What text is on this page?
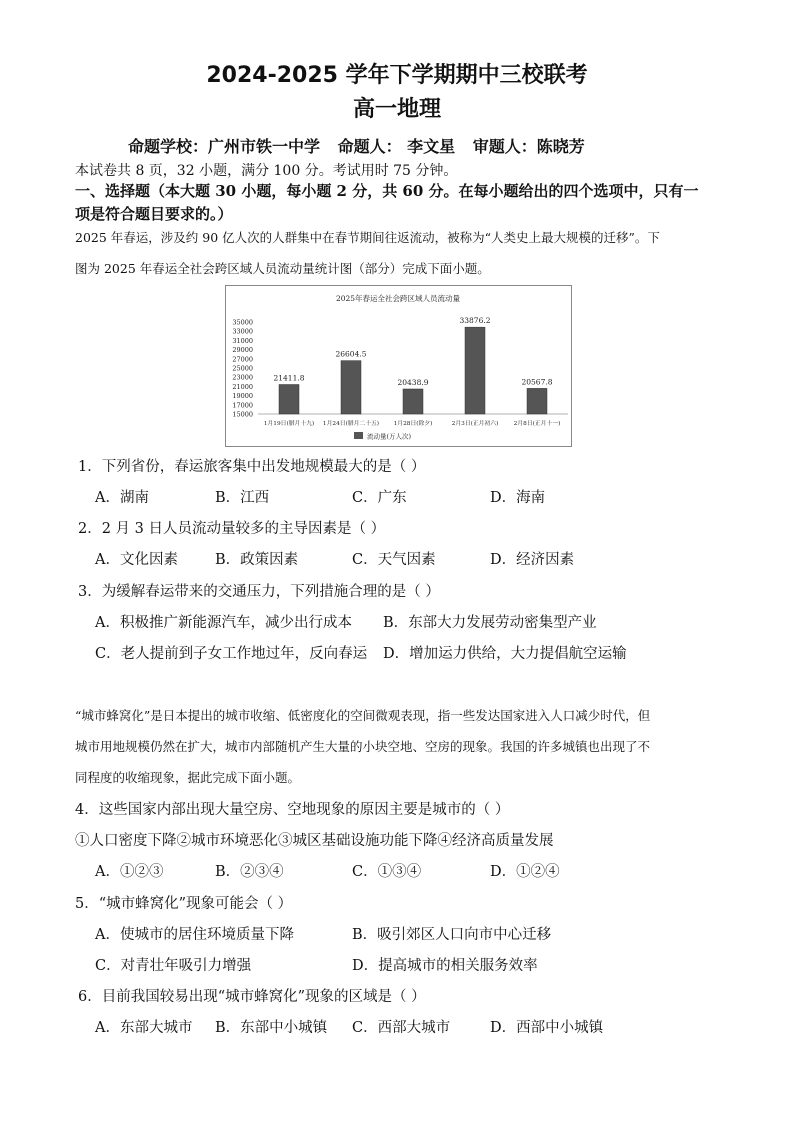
2024-2025 学年下学期期中三校联考
高一地理
命题学校：广州市铁一中学 命题人： 李文星 审题人：陈晓芳
本试卷共 8 页，32 小题，满分 100 分。考试用时 75 分钟。
一、选择题（本大题 30 小题，每小题 2 分，共 60 分。在每小题给出的四个选项中，只有一
项是符合题目要求的。）
2025 年春运，涉及约 90 亿人次的人群集中在春节期间往返流动，被称为“人类史上最大规模的迁移”。下
图为 2025 年春运全社会跨区域人员流动量统计图（部分）完成下面小题。
2025年春运全社会跨区域人员流动量
35000
33000
31000
29000
27000
25000
23000
21000
19000
17000
15000
21411.8
1月19日(腊月十九)
26604.5
1月24日(腊月二十五)
20438.9
1月28日(除夕)
33876.2
2月3日(正月初六)
20567.8
2月8日(正月十一)
流动量(万人次)
1．下列省份，春运旅客集中出发地规模最大的是（ ）
A．湖南	B．江西	C．广东	D．海南
2．2 月 3 日人员流动量较多的主导因素是（ ）
A．文化因素	B．政策因素	C．天气因素	D．经济因素
3．为缓解春运带来的交通压力，下列措施合理的是（ ）
A．积极推广新能源汽车，减少出行成本 B．东部大力发展劳动密集型产业
C．老人提前到子女工作地过年，反向春运 D．增加运力供给，大力提倡航空运输
“城市蜂窝化”是日本提出的城市收缩、低密度化的空间微观表现，指一些发达国家进入人口减少时代，但
城市用地规模仍然在扩大，城市内部随机产生大量的小块空地、空房的现象。我国的许多城镇也出现了不
同程度的收缩现象，据此完成下面小题。
4．这些国家内部出现大量空房、空地现象的原因主要是城市的（ ）
①人口密度下降②城市环境恶化③城区基础设施功能下降④经济高质量发展
A．①②③	B．②③④	C．①③④	D．①②④
5．“城市蜂窝化”现象可能会（ ）
A．使城市的居住环境质量下降	B．吸引郊区人口向市中心迁移
C．对青壮年吸引力增强	D．提高城市的相关服务效率
6．目前我国较易出现“城市蜂窝化”现象的区域是（ ）
A．东部大城市 B．东部中小城镇 C．西部大城市	D．西部中小城镇
